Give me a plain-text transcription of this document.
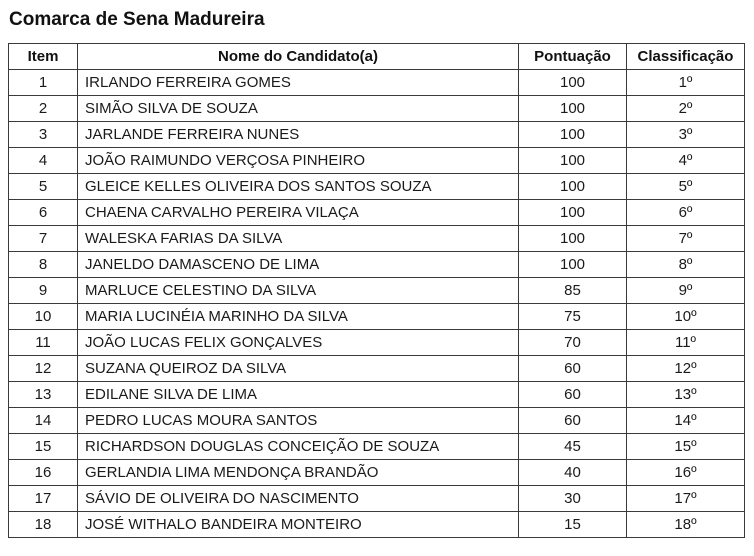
Comarca de Sena Madureira
Item	Nome do Candidato(a)	Pontuação	Classificação
1	IRLANDO FERREIRA GOMES	100	1º
2	SIMÃO SILVA DE SOUZA	100	2º
3	JARLANDE FERREIRA NUNES	100	3º
4	JOÃO RAIMUNDO VERÇOSA PINHEIRO	100	4º
5	GLEICE KELLES OLIVEIRA DOS SANTOS SOUZA	100	5º
6	CHAENA CARVALHO PEREIRA VILAÇA	100	6º
7	WALESKA FARIAS DA SILVA	100	7º
8	JANELDO DAMASCENO DE LIMA	100	8º
9	MARLUCE CELESTINO DA SILVA	85	9º
10	MARIA LUCINÉIA MARINHO DA SILVA	75	10º
11	JOÃO LUCAS FELIX GONÇALVES	70	11º
12	SUZANA QUEIROZ DA SILVA	60	12º
13	EDILANE SILVA DE LIMA	60	13º
14	PEDRO LUCAS MOURA SANTOS	60	14º
15	RICHARDSON DOUGLAS CONCEIÇÃO DE SOUZA	45	15º
16	GERLANDIA LIMA MENDONÇA BRANDÃO	40	16º
17	SÁVIO DE OLIVEIRA DO NASCIMENTO	30	17º
18	JOSÉ WITHALO BANDEIRA MONTEIRO	15	18º
